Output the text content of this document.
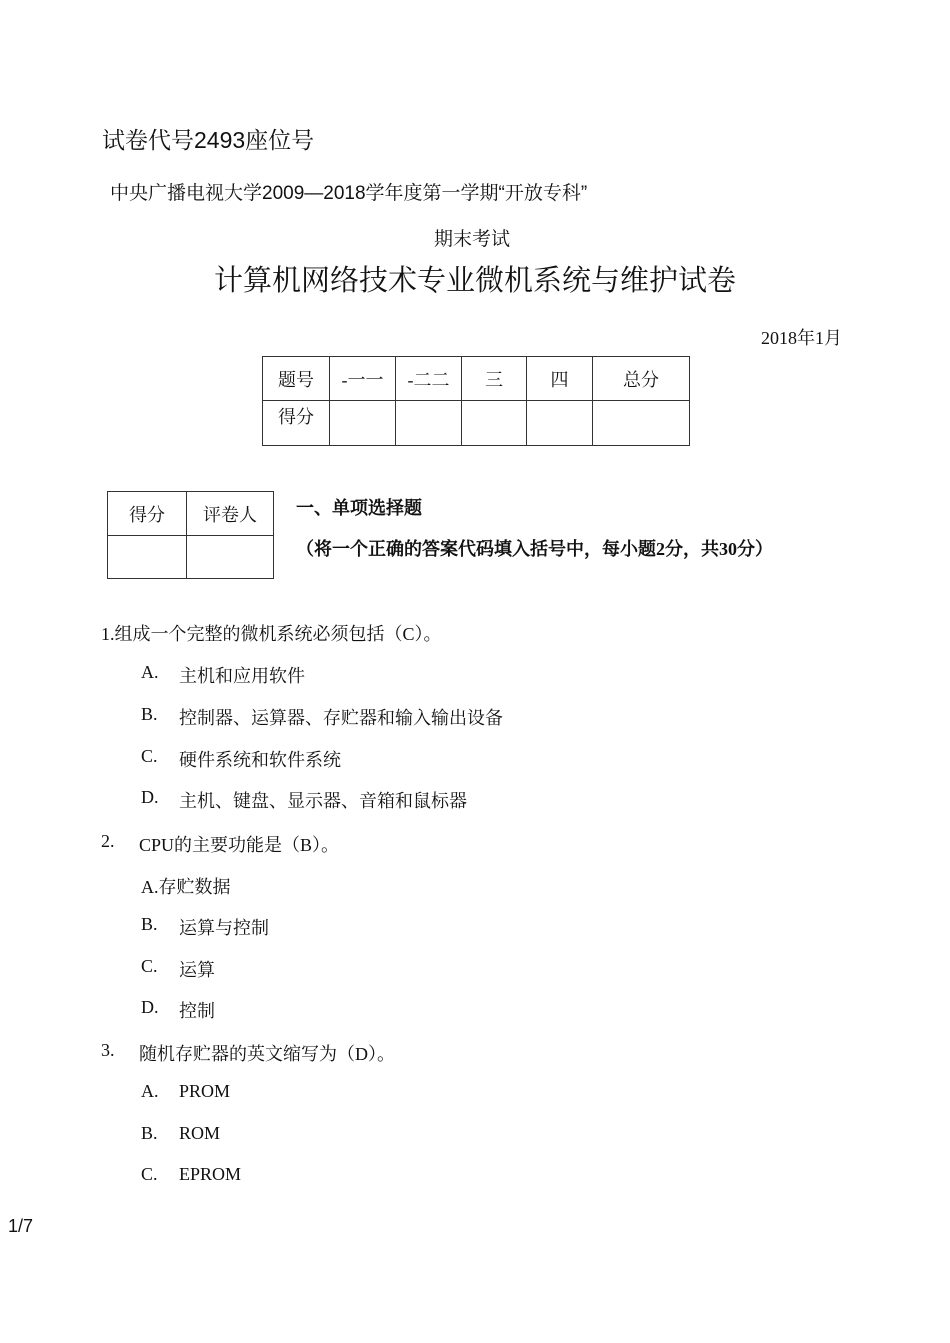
试卷代号2493座位号
中央广播电视大学2009—2018学年度第一学期“开放专科”
期末考试
计算机网络技术专业微机系统与维护试卷
2018年1月
题号	-一一	-二二	三	四	总分
得分					
得分	评卷人
	一、单项选择题
（将一个正确的答案代码填入括号中，每小题2分，共30分）
1.组成一个完整的微机系统必须包括（C）。
A. 主机和应用软件
B. 控制器、运算器、存贮器和输入输出设备
C. 硬件系统和软件系统
D. 主机、键盘、显示器、音箱和鼠标器
2. CPU的主要功能是（B）。
A.存贮数据
B. 运算与控制
C. 运算
D. 控制
3. 随机存贮器的英文缩写为（D）。
A. PROM
B. ROM
C. EPROM
1/7
